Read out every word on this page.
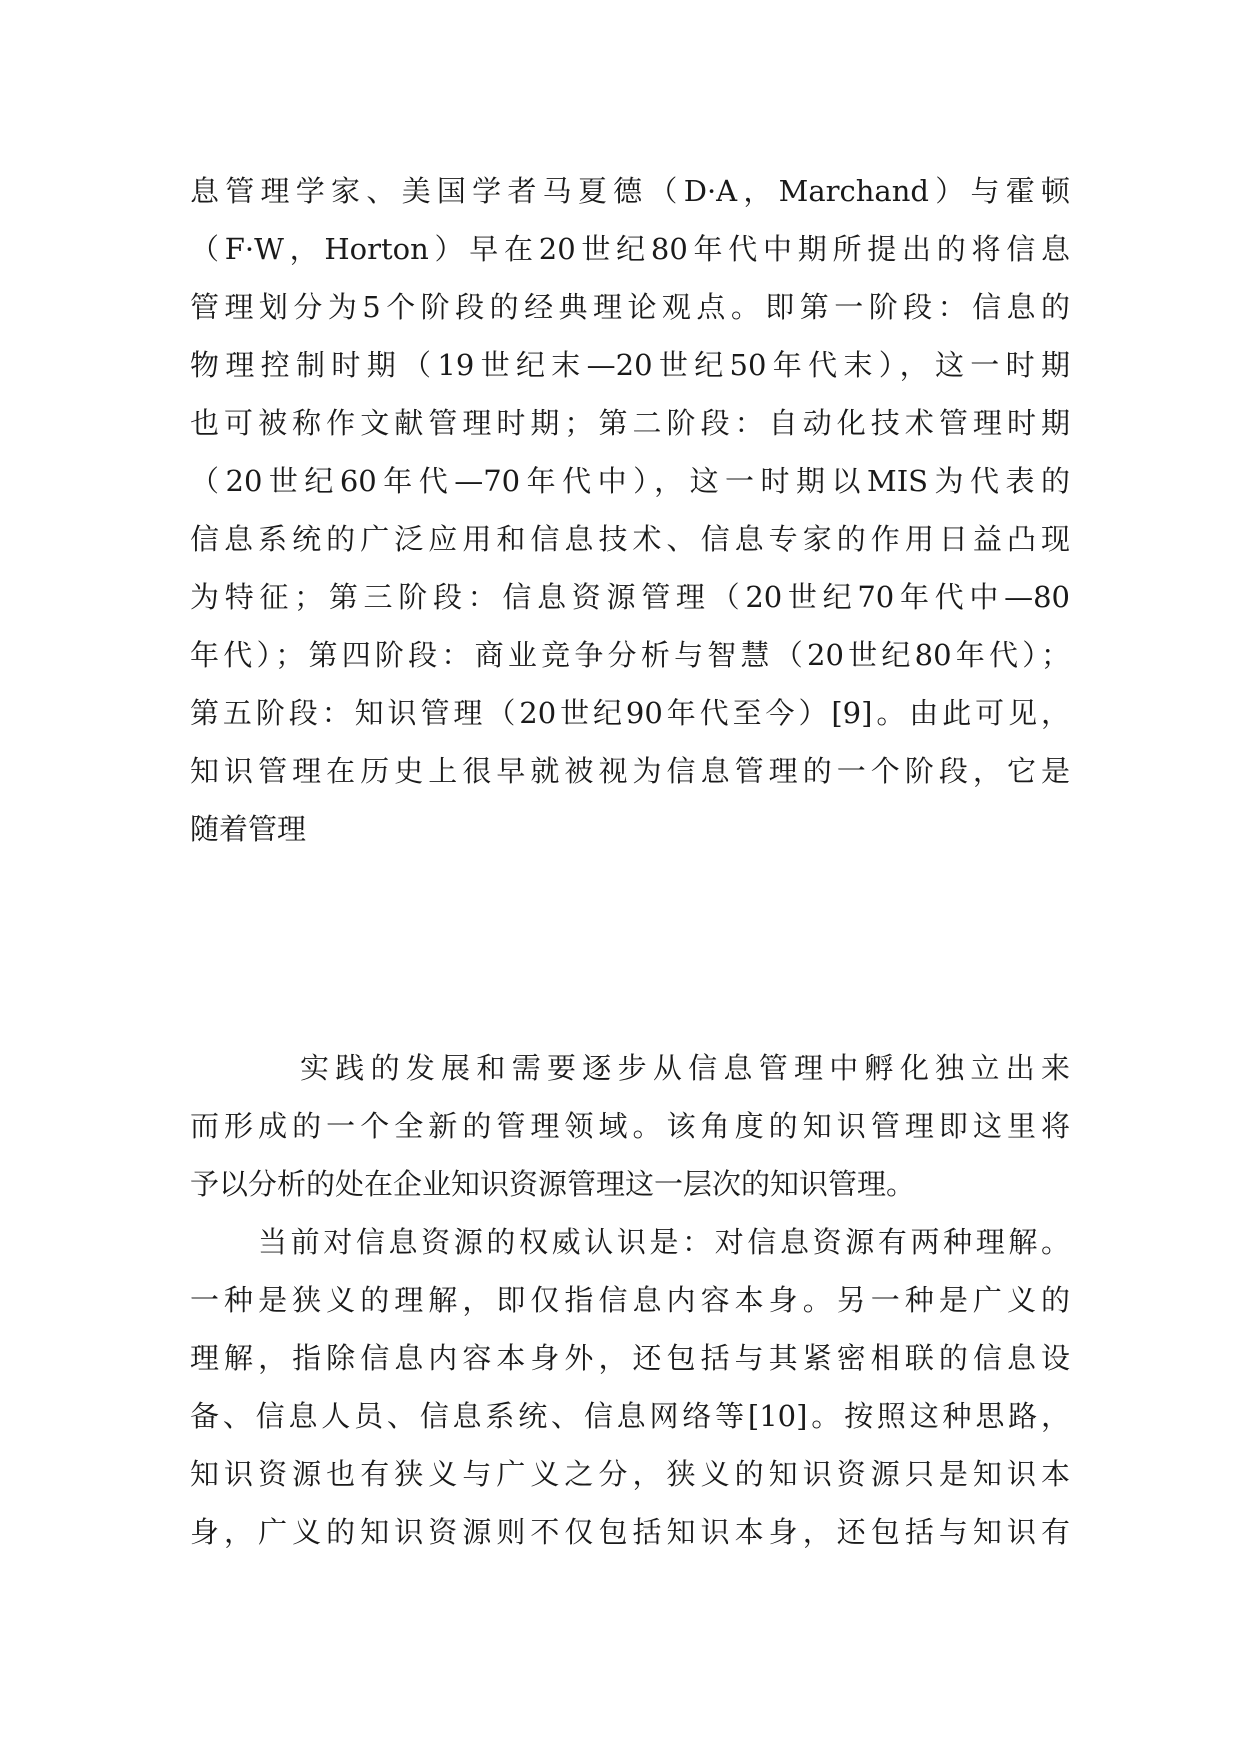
息管理学家、美国学者马夏德（D·A，Marchand）与霍顿
（F·W，Horton）早在20世纪80年代中期所提出的将信息
管理划分为5个阶段的经典理论观点。即第一阶段：信息的
物理控制时期（19世纪末—20世纪50年代末），这一时期
也可被称作文献管理时期；第二阶段：自动化技术管理时期
（20世纪60年代—70年代中），这一时期以MIS为代表的
信息系统的广泛应用和信息技术、信息专家的作用日益凸现
为特征；第三阶段：信息资源管理（20世纪70年代中—80
年代）；第四阶段：商业竞争分析与智慧（20世纪80年代）；
第五阶段：知识管理（20世纪90年代至今）[9]。由此可见，
知识管理在历史上很早就被视为信息管理的一个阶段，它是
随着管理
实践的发展和需要逐步从信息管理中孵化独立出来
而形成的一个全新的管理领域。该角度的知识管理即这里将
予以分析的处在企业知识资源管理这一层次的知识管理。
当前对信息资源的权威认识是：对信息资源有两种理解。
一种是狭义的理解，即仅指信息内容本身。另一种是广义的
理解，指除信息内容本身外，还包括与其紧密相联的信息设
备、信息人员、信息系统、信息网络等[10]。按照这种思路，
知识资源也有狭义与广义之分，狭义的知识资源只是知识本
身，广义的知识资源则不仅包括知识本身，还包括与知识有
